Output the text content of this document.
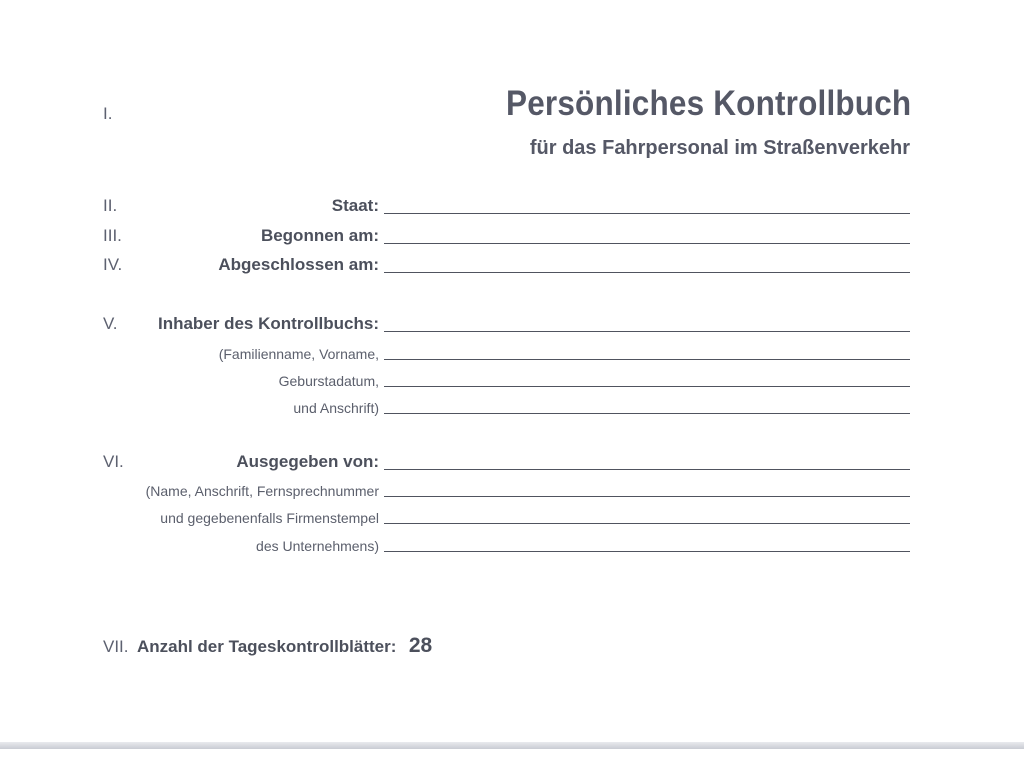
I.	Persönliches Kontrollbuch
für das Fahrpersonal im Straßenverkehr
II.	Staat:
III.	Begonnen am:
IV.	Abgeschlossen am:
V. Inhaber des Kontrollbuchs:
(Familienname, Vorname,
Geburstadatum,
und Anschrift)
VI.	Ausgegeben von:
(Name, Anschrift, Fernsprechnummer
und gegebenenfalls Firmenstempel
des Unternehmens)
VII. Anzahl der Tageskontrollblätter: 28
